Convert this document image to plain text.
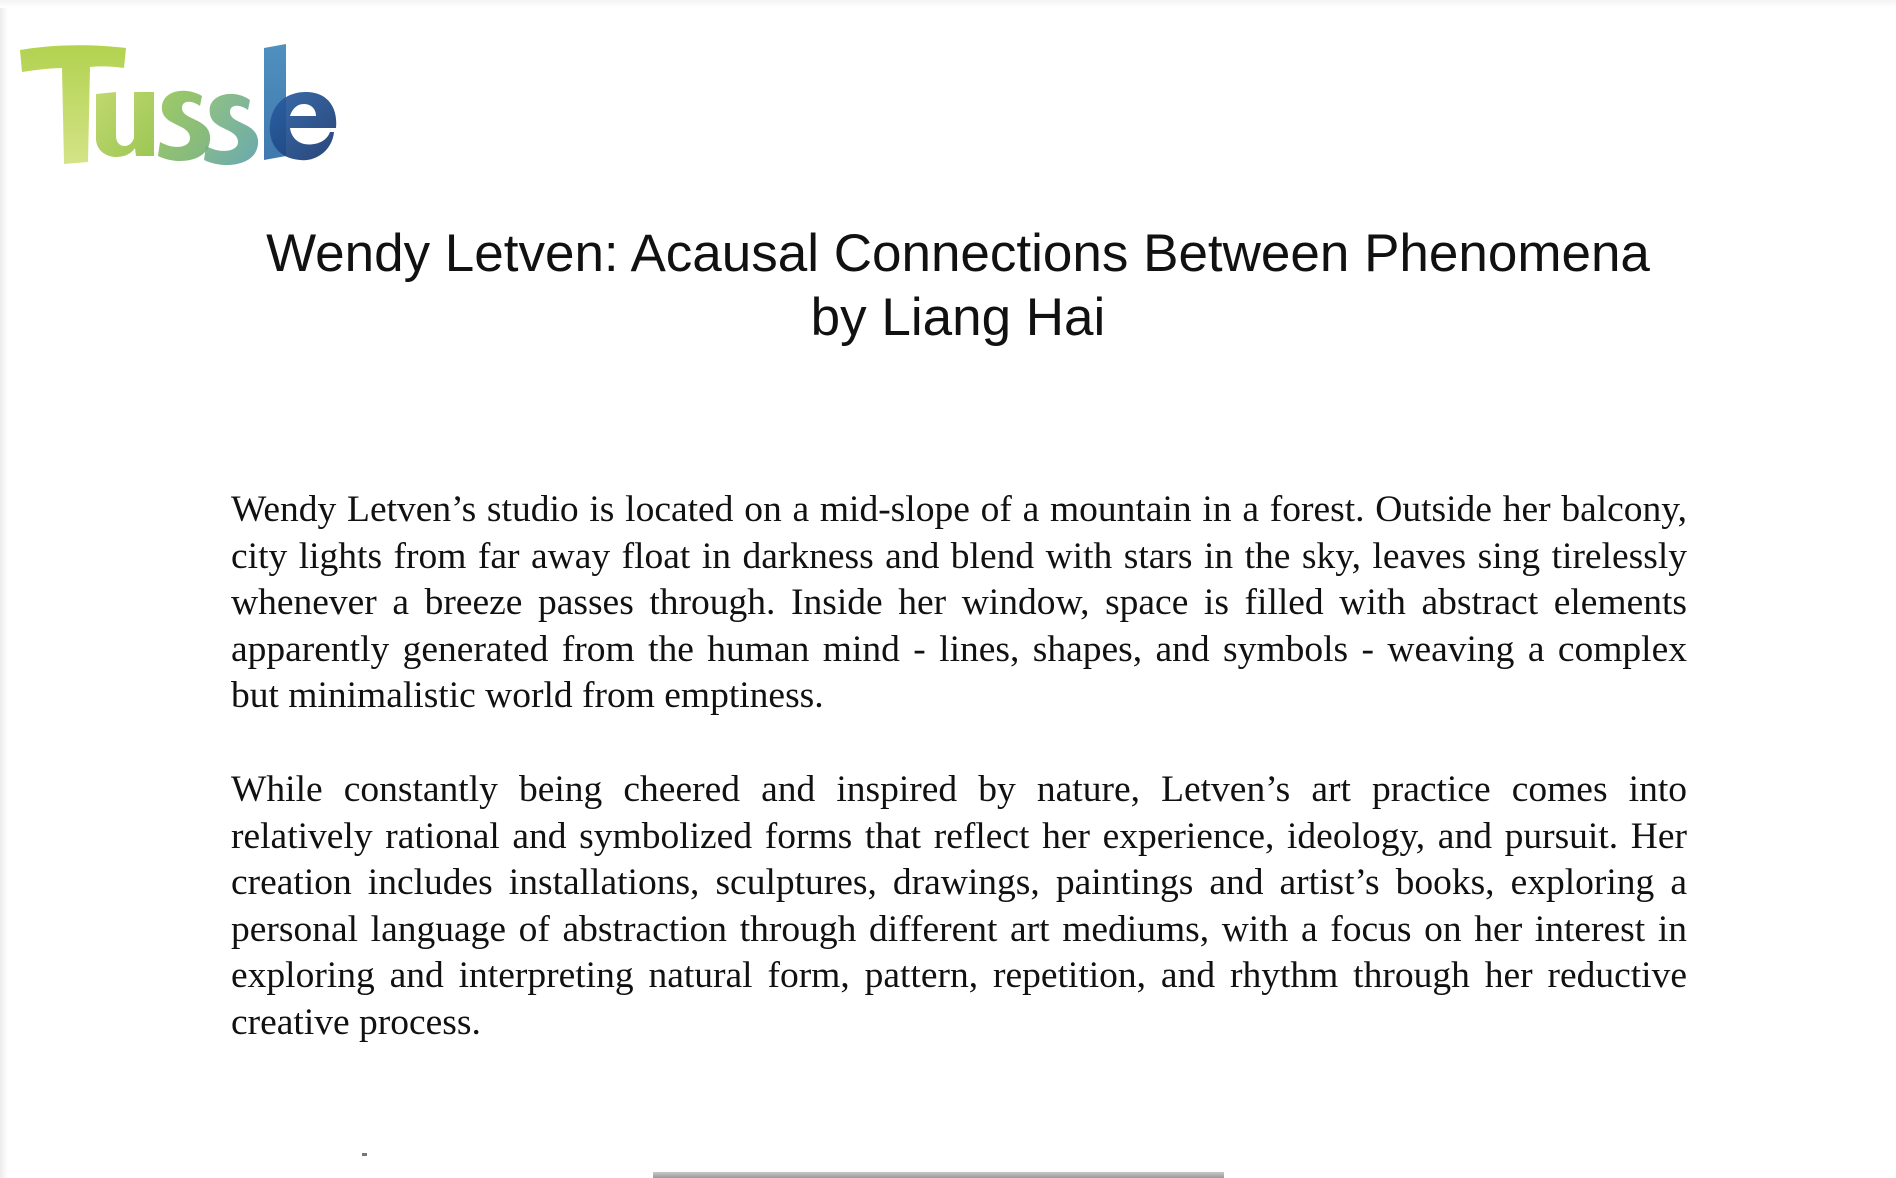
Wendy Letven: Acausal Connections Between Phenomena
by Liang Hai

Wendy Letven’s studio is located on a mid-slope of a mountain in a forest. Outside her balcony, city lights from far away float in darkness and blend with stars in the sky, leaves sing tirelessly whenever a breeze passes through. Inside her window, space is filled with abstract elements apparently generated from the human mind - lines, shapes, and symbols - weaving a complex but minimalistic world from emptiness.

While constantly being cheered and inspired by nature, Letven’s art practice comes into relatively rational and symbolized forms that reflect her experience, ideology, and pursuit. Her creation includes installations, sculptures, drawings, paintings and artist’s books, exploring a personal language of abstraction through different art mediums, with a focus on her interest in exploring and interpreting natural form, pattern, repetition, and rhythm through her reductive creative process.
